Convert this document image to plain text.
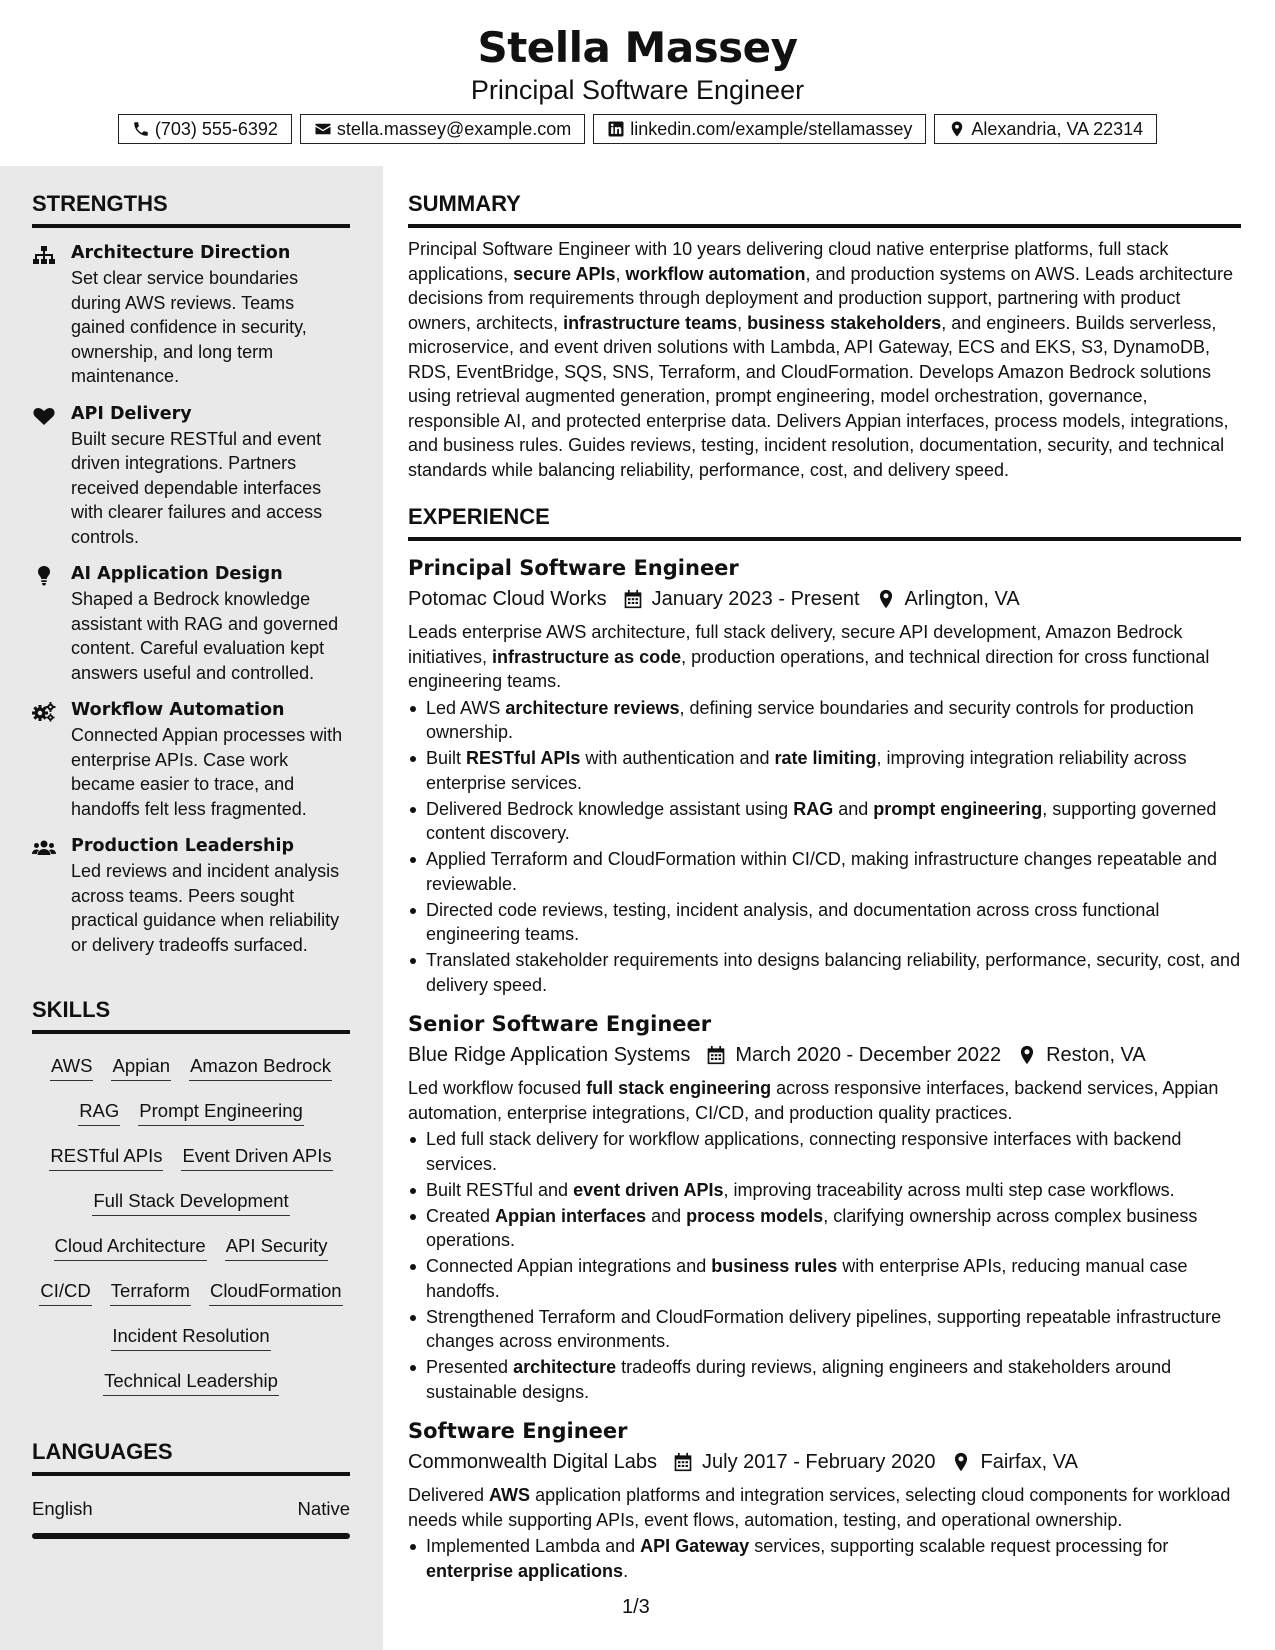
Stella Massey
Principal Software Engineer
(703) 555-6392	stella.massey@example.com	linkedin.com/example/stellamassey	Alexandria, VA 22314
STRENGTHS
Architecture Direction
Set clear service boundaries during AWS reviews. Teams gained confidence in security, ownership, and long term maintenance.
API Delivery
Built secure RESTful and event driven integrations. Partners received dependable interfaces with clearer failures and access controls.
AI Application Design
Shaped a Bedrock knowledge assistant with RAG and governed content. Careful evaluation kept answers useful and controlled.
Workflow Automation
Connected Appian processes with enterprise APIs. Case work became easier to trace, and handoffs felt less fragmented.
Production Leadership
Led reviews and incident analysis across teams. Peers sought practical guidance when reliability or delivery tradeoffs surfaced.
SKILLS
AWS Appian Amazon Bedrock
RAG Prompt Engineering
RESTful APIs Event Driven APIs
Full Stack Development
Cloud Architecture API Security
CI/CD Terraform CloudFormation
Incident Resolution
Technical Leadership
LANGUAGES
English	Native
SUMMARY
Principal Software Engineer with 10 years delivering cloud native enterprise platforms, full stack applications, secure APIs, workflow automation, and production systems on AWS. Leads architecture decisions from requirements through deployment and production support, partnering with product owners, architects, infrastructure teams, business stakeholders, and engineers. Builds serverless, microservice, and event driven solutions with Lambda, API Gateway, ECS and EKS, S3, DynamoDB, RDS, EventBridge, SQS, SNS, Terraform, and CloudFormation. Develops Amazon Bedrock solutions using retrieval augmented generation, prompt engineering, model orchestration, governance, responsible AI, and protected enterprise data. Delivers Appian interfaces, process models, integrations, and business rules. Guides reviews, testing, incident resolution, documentation, security, and technical standards while balancing reliability, performance, cost, and delivery speed.
EXPERIENCE
Principal Software Engineer
Potomac Cloud Works January 2023 - Present Arlington, VA
Leads enterprise AWS architecture, full stack delivery, secure API development, Amazon Bedrock initiatives, infrastructure as code, production operations, and technical direction for cross functional engineering teams.
Led AWS architecture reviews, defining service boundaries and security controls for production ownership.
Built RESTful APIs with authentication and rate limiting, improving integration reliability across enterprise services.
Delivered Bedrock knowledge assistant using RAG and prompt engineering, supporting governed content discovery.
Applied Terraform and CloudFormation within CI/CD, making infrastructure changes repeatable and reviewable.
Directed code reviews, testing, incident analysis, and documentation across cross functional engineering teams.
Translated stakeholder requirements into designs balancing reliability, performance, security, cost, and delivery speed.
Senior Software Engineer
Blue Ridge Application Systems March 2020 - December 2022 Reston, VA
Led workflow focused full stack engineering across responsive interfaces, backend services, Appian automation, enterprise integrations, CI/CD, and production quality practices.
Led full stack delivery for workflow applications, connecting responsive interfaces with backend services.
Built RESTful and event driven APIs, improving traceability across multi step case workflows.
Created Appian interfaces and process models, clarifying ownership across complex business operations.
Connected Appian integrations and business rules with enterprise APIs, reducing manual case handoffs.
Strengthened Terraform and CloudFormation delivery pipelines, supporting repeatable infrastructure changes across environments.
Presented architecture tradeoffs during reviews, aligning engineers and stakeholders around sustainable designs.
Software Engineer
Commonwealth Digital Labs July 2017 - February 2020 Fairfax, VA
Delivered AWS application platforms and integration services, selecting cloud components for workload needs while supporting APIs, event flows, automation, testing, and operational ownership.
Implemented Lambda and API Gateway services, supporting scalable request processing for enterprise applications.
1/3
